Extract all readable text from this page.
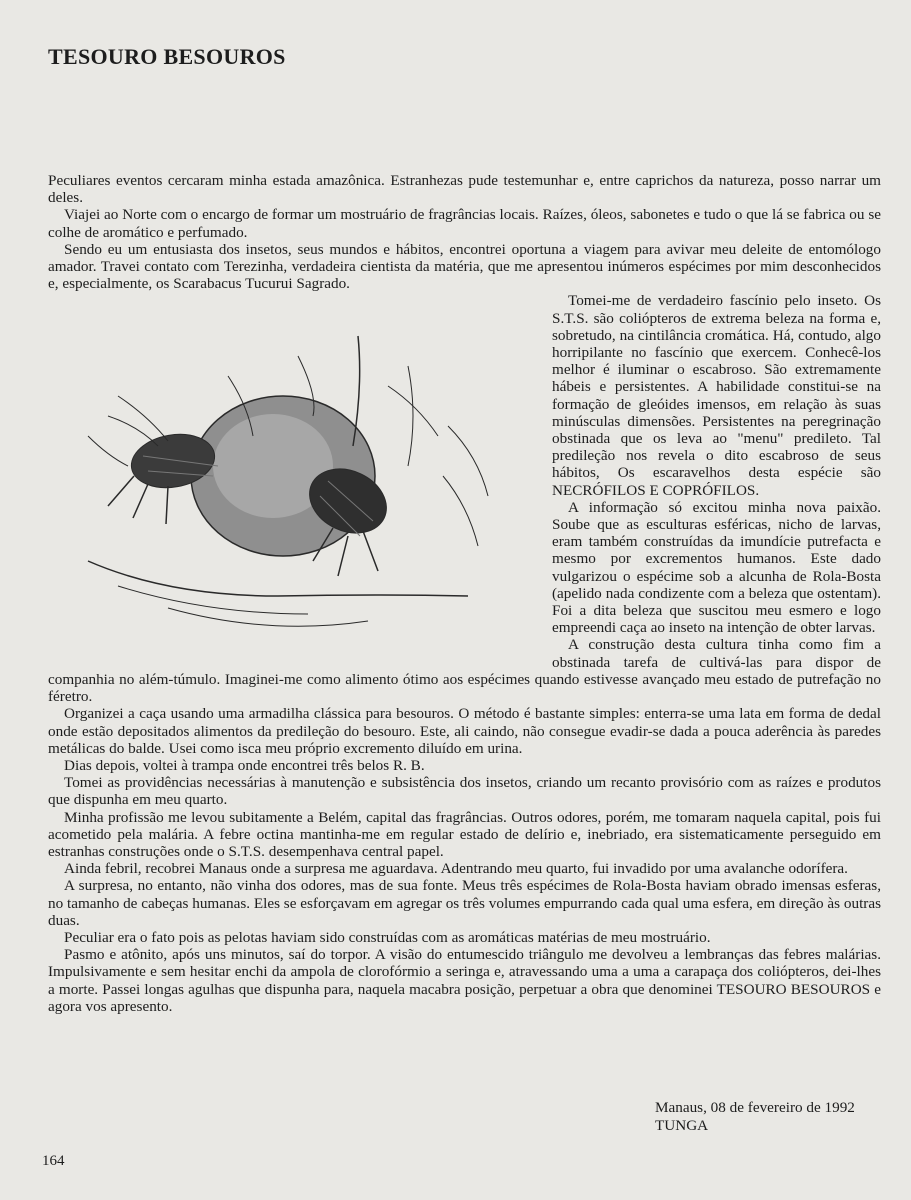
TESOURO BESOUROS

Peculiares eventos cercaram minha estada amazônica. Estranhezas pude testemunhar e, entre caprichos da natureza, posso narrar um deles.

Viajei ao Norte com o encargo de formar um mostruário de fragrâncias locais. Raízes, óleos, sabonetes e tudo o que lá se fabrica ou se colhe de aromático e perfumado.

Sendo eu um entusiasta dos insetos, seus mundos e hábitos, encontrei oportuna a viagem para avivar meu deleite de entomólogo amador. Travei contato com Terezinha, verdadeira cientista da matéria, que me apresentou inúmeros espécimes por mim desconhecidos e, especialmente, os Scarabacus Tucurui Sagrado.

Tomei-me de verdadeiro fascínio pelo inseto. Os S.T.S. são coliópteros de extrema beleza na forma e, sobretudo, na cintilância cromática. Há, contudo, algo horripilante no fascínio que exercem. Conhecê-los melhor é iluminar o escabroso. São extremamente hábeis e persistentes. A habilidade constitui-se na formação de gleóides imensos, em relação às suas minúsculas dimensões. Persistentes na peregrinação obstinada que os leva ao "menu" predileto. Tal predileção nos revela o dito escabroso de seus hábitos, Os escaravelhos desta espécie são NECRÓFILOS E COPRÓFILOS.

A informação só excitou minha nova paixão. Soube que as esculturas esféricas, nicho de larvas, eram também construídas da imundície putrefacta e mesmo por excrementos humanos. Este dado vulgarizou o espécime sob a alcunha de Rola-Bosta (apelido nada condizente com a beleza que ostentam). Foi a dita beleza que suscitou meu esmero e logo empreendi caça ao inseto na intenção de obter larvas.

A construção desta cultura tinha como fim a obstinada tarefa de cultivá-las para dispor de companhia no além-túmulo. Imaginei-me como alimento ótimo aos espécimes quando estivesse avançado meu estado de putrefação no féretro.

Organizei a caça usando uma armadilha clássica para besouros. O método é bastante simples: enterra-se uma lata em forma de dedal onde estão depositados alimentos da predileção do besouro. Este, ali caindo, não consegue evadir-se dada a pouca aderência às paredes metálicas do balde. Usei como isca meu próprio excremento diluído em urina.

Dias depois, voltei à trampa onde encontrei três belos R. B.

Tomei as providências necessárias à manutenção e subsistência dos insetos, criando um recanto provisório com as raízes e produtos que dispunha em meu quarto.

Minha profissão me levou subitamente a Belém, capital das fragrâncias. Outros odores, porém, me tomaram naquela capital, pois fui acometido pela malária. A febre octina mantinha-me em regular estado de delírio e, inebriado, era sistematicamente perseguido em estranhas construções onde o S.T.S. desempenhava central papel.

Ainda febril, recobrei Manaus onde a surpresa me aguardava. Adentrando meu quarto, fui invadido por uma avalanche odorífera.

A surpresa, no entanto, não vinha dos odores, mas de sua fonte. Meus três espécimes de Rola-Bosta haviam obrado imensas esferas, no tamanho de cabeças humanas. Eles se esforçavam em agregar os três volumes empurrando cada qual uma esfera, em direção às outras duas.

Peculiar era o fato pois as pelotas haviam sido construídas com as aromáticas matérias de meu mostruário.

Pasmo e atônito, após uns minutos, saí do torpor. A visão do entumescido triângulo me devolveu a lembranças das febres malárias. Impulsivamente e sem hesitar enchi da ampola de clorofórmio a seringa e, atravessando uma a uma a carapaça dos coliópteros, dei-lhes a morte. Passei longas agulhas que dispunha para, naquela macabra posição, perpetuar a obra que denominei TESOURO BESOUROS e agora vos apresento.

Manaus, 08 de fevereiro de 1992
TUNGA
164
